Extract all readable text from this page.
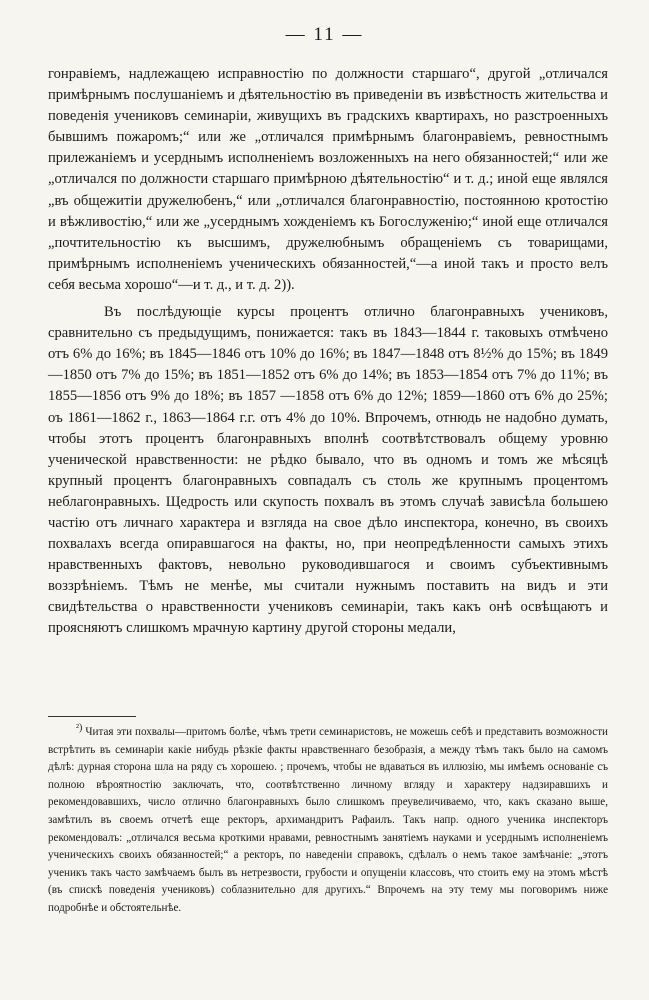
— 11 —

гонравіемъ, надлежащею исправностію по должности старшаго“, другой „отличался примѣрнымъ послушаніемъ и дѣятельностію въ приведеніи въ извѣстность жительства и поведенія учениковъ семинаріи, живущихъ въ градскихъ квартирахъ, но разстроенныхъ бывшимъ пожаромъ;“ или же „отличался примѣрнымъ благонравіемъ, ревностнымъ прилежаніемъ и усерднымъ исполненіемъ возложенныхъ на него обязанностей;“ или же „отличался по должности старшаго примѣрною дѣятельностію“ и т. д.; иной еще являлся „въ общежитіи дружелюбенъ,“ или „отличался благонравностію, постоянною кротостію и вѣжливостію,“ или же „усерднымъ хожденіемъ къ Богослуженію;“ иной еще отличался „почтительностію къ высшимъ, дружелюбнымъ обращеніемъ съ товарищами, примѣрнымъ исполненіемъ ученическихъ обязанностей,“—а иной такъ и просто велъ себя весьма хорошо“—и т. д., и т. д. 2)).

Въ послѣдующіе курсы процентъ отлично благонравныхъ учениковъ, сравнительно съ предыдущимъ, понижается: такъ въ 1843—1844 г. таковыхъ отмѣчено отъ 6% до 16%; въ 1845—1846 отъ 10% до 16%; въ 1847—1848 отъ 8½% до 15%; въ 1849—1850 отъ 7% до 15%; въ 1851—1852 отъ 6% до 14%; въ 1853—1854 отъ 7% до 11%; въ 1855—1856 отъ 9% до 18%; въ 1857 —1858 отъ 6% до 12%; 1859—1860 отъ 6% до 25%; оъ 1861—1862 г., 1863—1864 г.г. отъ 4% до 10%. Впрочемъ, отнюдь не надобно думать, чтобы этотъ процентъ благонравныхъ вполнѣ соотвѣтствовалъ общему уровню ученической нравственности: не рѣдко бывало, что въ одномъ и томъ же мѣсяцѣ крупный процентъ благонравныхъ совпадалъ съ столь же крупнымъ процентомъ неблагонравныхъ. Щедрость или скупость похвалъ въ этомъ случаѣ зависѣла большею частію отъ личнаго характера и взгляда на свое дѣло инспектора, конечно, въ своихъ похвалахъ всегда опиравшагося на факты, но, при неопредѣленности самыхъ этихъ нравственныхъ фактовъ, невольно руководившагося и своимъ субъективнымъ воззрѣніемъ. Тѣмъ не менѣе, мы считали нужнымъ поставить на видъ и эти свидѣтельства о нравственности учениковъ семинаріи, такъ какъ онѣ освѣщаютъ и проясняютъ слишкомъ мрачную картину другой стороны медали,

²) Читая эти похвалы—притомъ болѣе, чѣмъ трети семинаристовъ, не можешь себѣ и представить возможности встрѣтить въ семинаріи какіе нибудь рѣзкіе факты нравственнаго безобразія, а между тѣмъ такъ было на самомъ дѣлѣ: дурная сторона шла на ряду съ хорошею. ; прочемъ, чтобы не вдаваться въ иллюзію, мы имѣемъ основаніе съ полною вѣроятностію заключать, что, соотвѣтственно личному вгляду и характеру надзиравшихъ и рекомендовавшихъ, число отлично благонравныхъ было слишкомъ преувеличиваемо, что, какъ сказано выше, замѣтилъ въ своемъ отчетѣ еще ректоръ, архимандритъ Рафаилъ. Такъ напр. одного ученика инспекторъ рекомендовалъ: „отличался весьма кроткими нравами, ревностнымъ занятіемъ науками и усерднымъ исполненіемъ ученическихъ своихъ обязанностей;“ а ректоръ, по наведеніи справокъ, сдѣлалъ о немъ такое замѣчаніе: „этотъ ученикъ такъ часто замѣчаемъ былъ въ нетрезвости, грубости и опущеніи классовъ, что стоить ему на этомъ мѣстѣ (въ спискѣ поведенія учениковъ) соблазнительно для другихъ.“ Впрочемъ на эту тему мы поговоримъ ниже подробнѣе и обстоятельнѣе.
